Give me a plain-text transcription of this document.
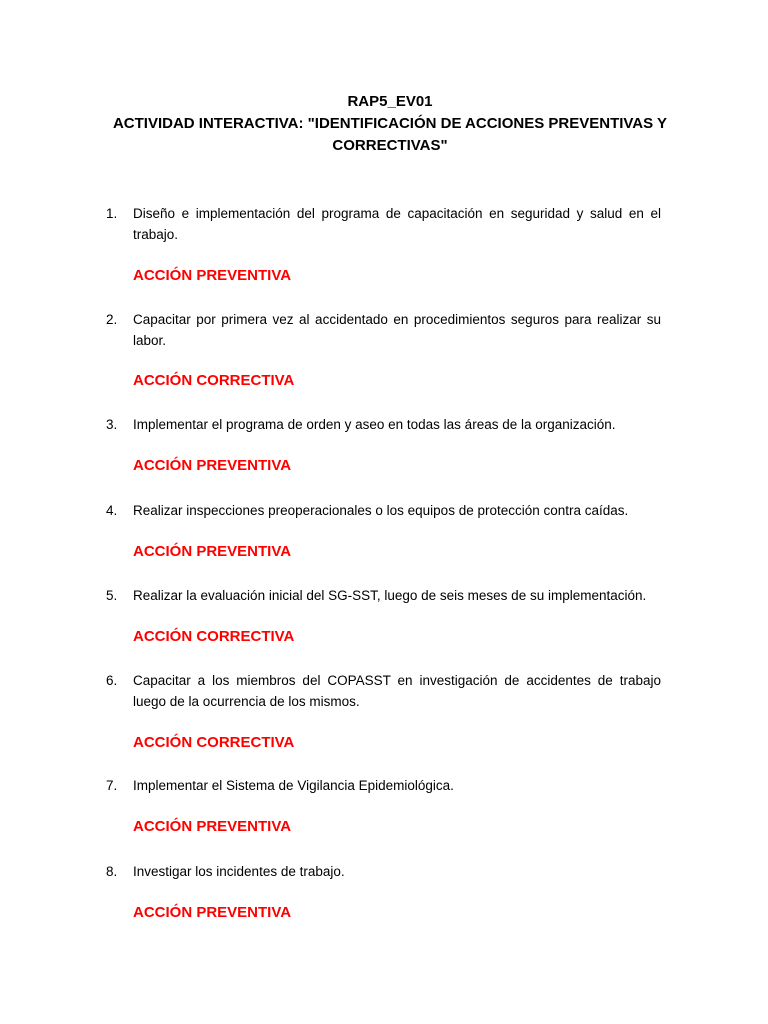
RAP5_EV01
ACTIVIDAD INTERACTIVA: "IDENTIFICACIÓN DE ACCIONES PREVENTIVAS Y
CORRECTIVAS"
1. Diseño e implementación del programa de capacitación en seguridad y salud en el trabajo.
ACCIÓN PREVENTIVA
2. Capacitar por primera vez al accidentado en procedimientos seguros para realizar su labor.
ACCIÓN CORRECTIVA
3. Implementar el programa de orden y aseo en todas las áreas de la organización.
ACCIÓN PREVENTIVA
4. Realizar inspecciones preoperacionales o los equipos de protección contra caídas.
ACCIÓN PREVENTIVA
5. Realizar la evaluación inicial del SG-SST, luego de seis meses de su implementación.
ACCIÓN CORRECTIVA
6. Capacitar a los miembros del COPASST en investigación de accidentes de trabajo luego de la ocurrencia de los mismos.
ACCIÓN CORRECTIVA
7. Implementar el Sistema de Vigilancia Epidemiológica.
ACCIÓN PREVENTIVA
8. Investigar los incidentes de trabajo.
ACCIÓN PREVENTIVA
